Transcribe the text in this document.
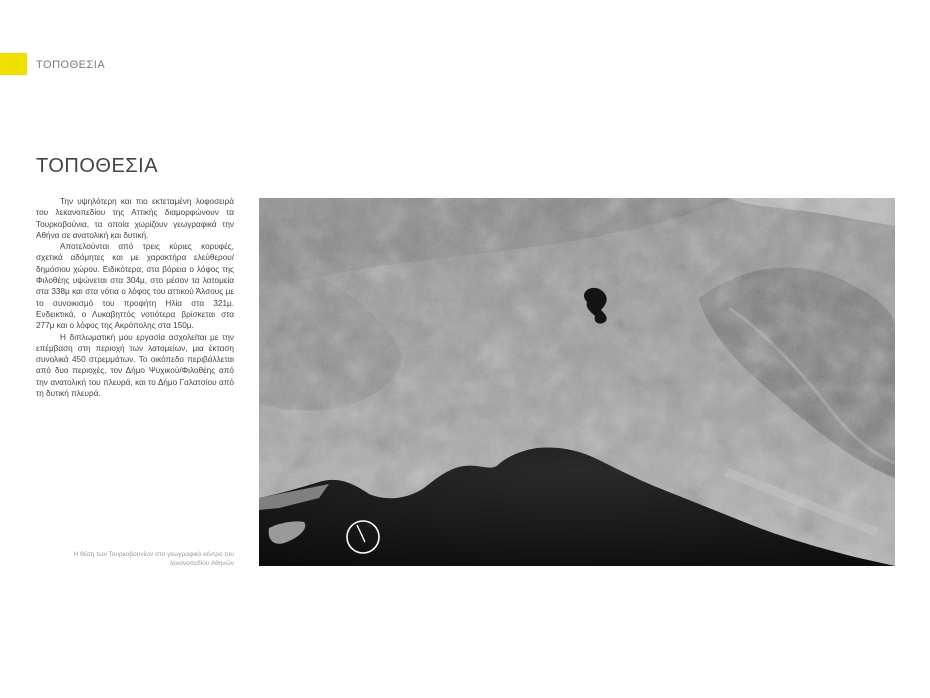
ΤΟΠΟΘΕΣΙΑ
ΤΟΠΟΘΕΣΙΑ

Την υψηλότερη και πιο εκτεταμένη λοφοσειρά του λεκανοπεδίου της Αττικής διαμορφώνουν τα Τουρκοβούνια, τα οποία χωρίζουν γεωγραφικά την Αθήνα σε ανατολική και δυτική.

Αποτελούνται από τρεις κύριες κορυφές, σχετικά αδόμητες και με χαρακτήρα ελεύθερου/ δημόσιου χώρου. Ειδικότερα, στα βόρεια ο λόφος της Φιλοθέης υψώνεται στα 304μ, στο μέσον τα λατομεία στα 338μ και στα νότια ο λόφος του αττικού Άλσους με το συνοικισμό του προφήτη Ηλία στα 321μ. Ενδεικτικά, ο Λυκαβηττός νοτιότερα βρίσκεται στα 277μ και ο λόφος της Ακρόπολης στα 150μ.

Η διπλωματική μου εργασία ασχολείται με την επέμβαση στη περιοχή των λατομείων, μια έκταση συνολικά 450 στρεμμάτων. Το οικόπεδο περιβάλλεται από δυο περιοχές, τον Δήμο Ψυχικού/Φιλοθέης από την ανατολική του πλευρά, και το Δήμο Γαλατσίου από τη δυτική πλευρά.

Η θέση των Τουρκοβουνίων στο γεωγραφικό κέντρο του λεκανοπεδίου Αθηνών
